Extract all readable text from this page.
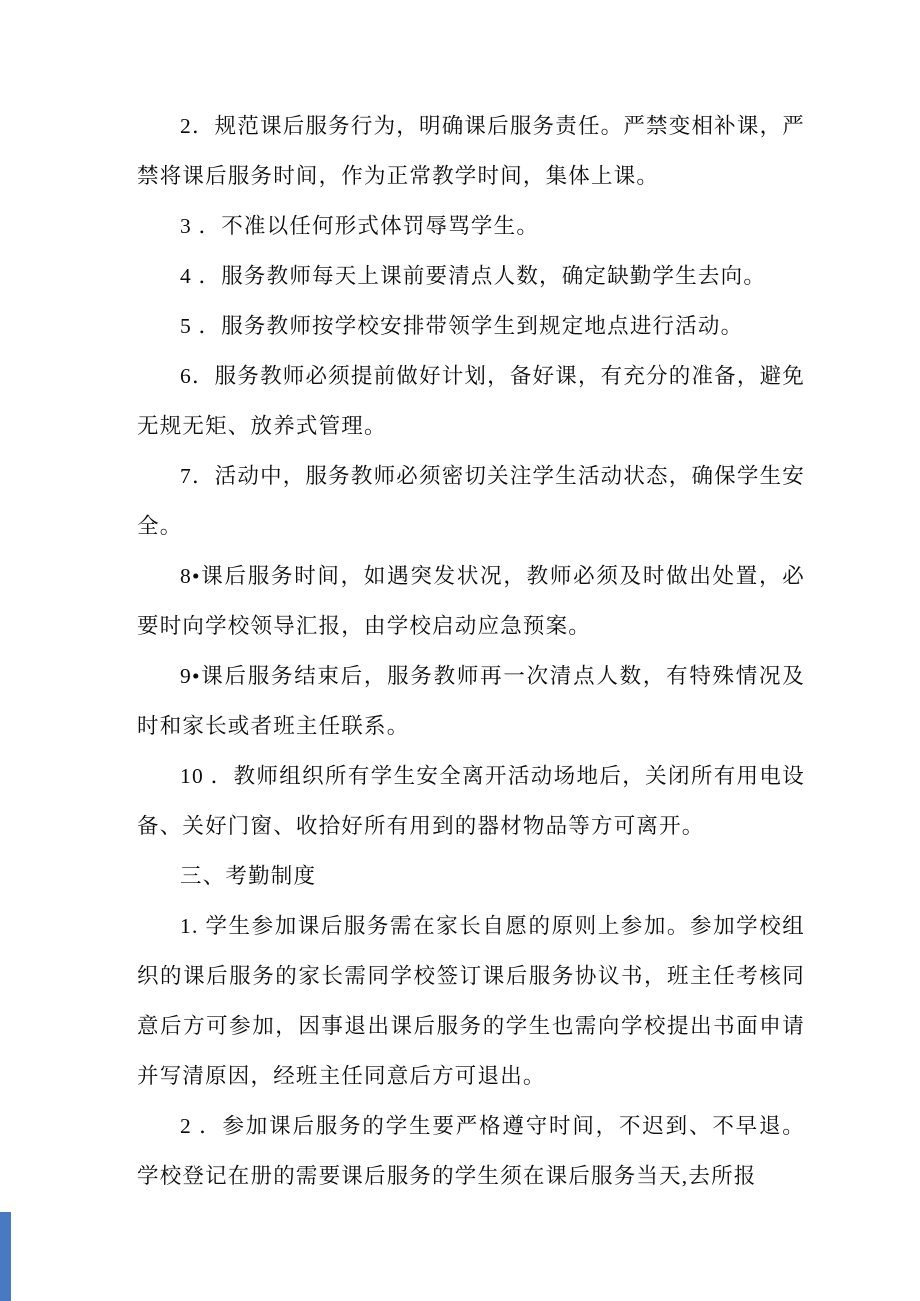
2．规范课后服务行为，明确课后服务责任。严禁变相补课，严禁将课后服务时间，作为正常教学时间，集体上课。

3 ．不准以任何形式体罚辱骂学生。

4 ．服务教师每天上课前要清点人数，确定缺勤学生去向。

5 ．服务教师按学校安排带领学生到规定地点进行活动。

6．服务教师必须提前做好计划，备好课，有充分的准备，避免无规无矩、放养式管理。

7．活动中，服务教师必须密切关注学生活动状态，确保学生安全。

8•课后服务时间，如遇突发状况，教师必须及时做出处置，必要时向学校领导汇报，由学校启动应急预案。

9•课后服务结束后，服务教师再一次清点人数，有特殊情况及时和家长或者班主任联系。

10 ．教师组织所有学生安全离开活动场地后，关闭所有用电设备、关好门窗、收拾好所有用到的器材物品等方可离开。

三、考勤制度

1. 学生参加课后服务需在家长自愿的原则上参加。参加学校组织的课后服务的家长需同学校签订课后服务协议书，班主任考核同意后方可参加，因事退出课后服务的学生也需向学校提出书面申请并写清原因，经班主任同意后方可退出。

2 ．参加课后服务的学生要严格遵守时间，不迟到、不早退。学校登记在册的需要课后服务的学生须在课后服务当天,去所报
